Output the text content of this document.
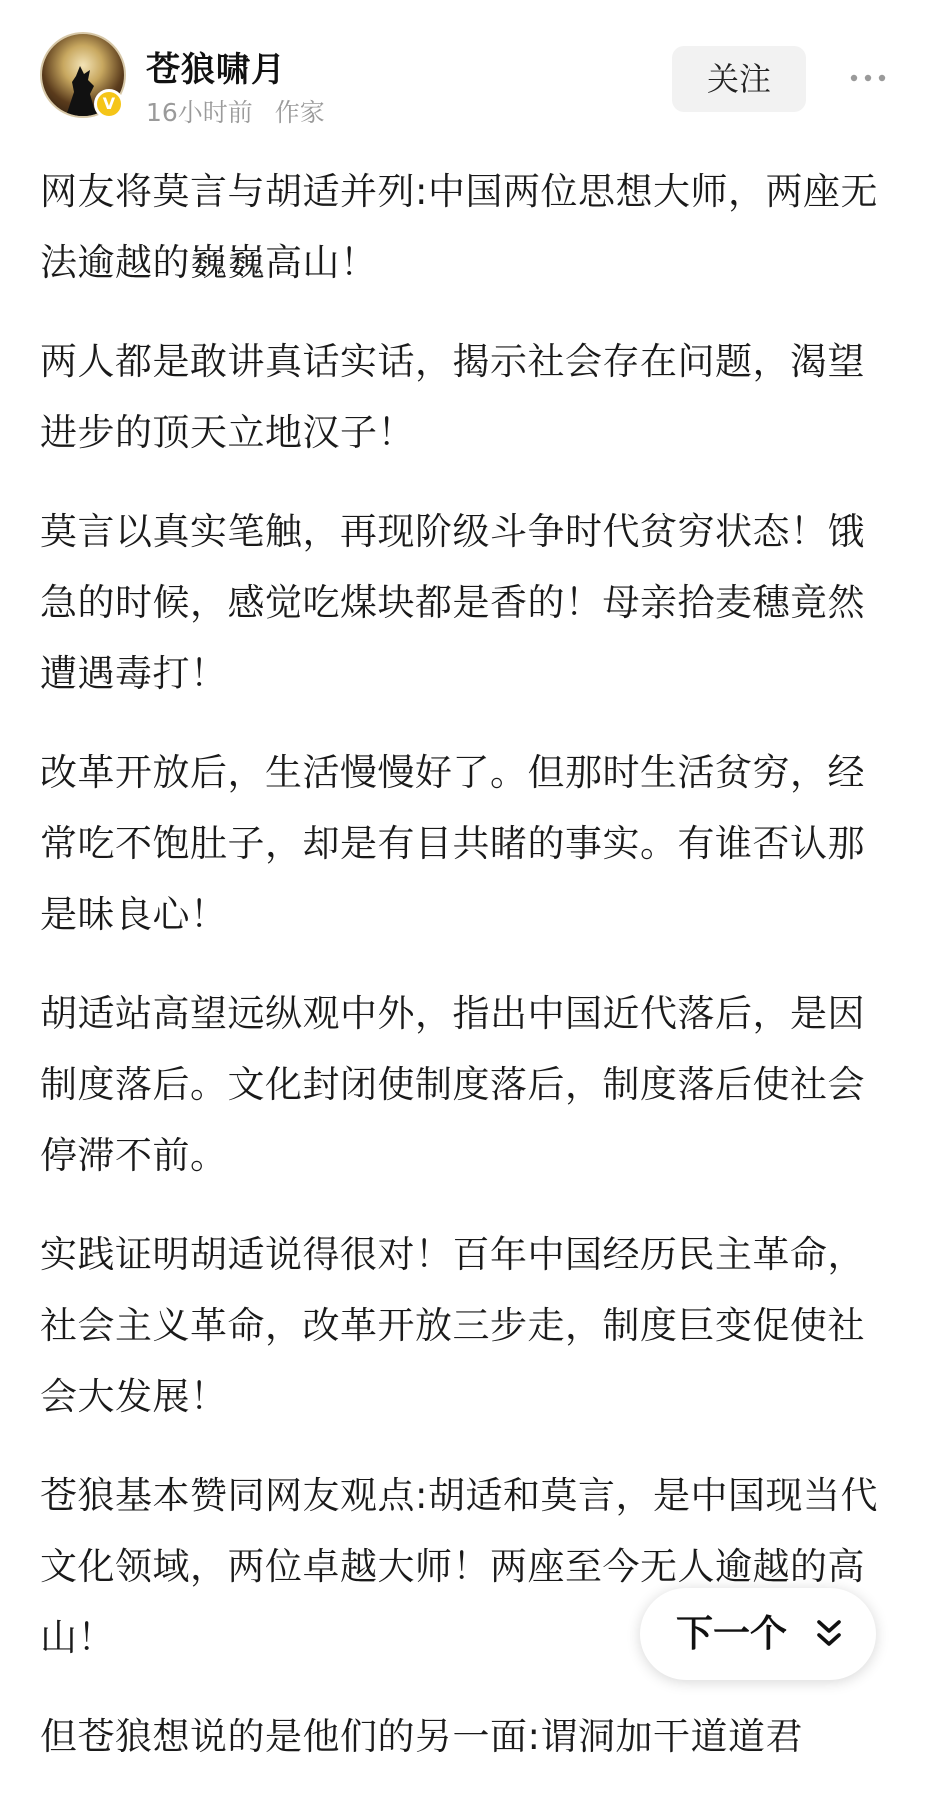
V
苍狼啸月
16小时前 作家
关注

网友将莫言与胡适并列:中国两位思想大师，两座无法逾越的巍巍高山！

两人都是敢讲真话实话，揭示社会存在问题，渴望进步的顶天立地汉子！

莫言以真实笔触，再现阶级斗争时代贫穷状态！饿急的时候，感觉吃煤块都是香的！母亲拾麦穗竟然遭遇毒打！

改革开放后，生活慢慢好了。但那时生活贫穷，经常吃不饱肚子，却是有目共睹的事实。有谁否认那是昧良心！

胡适站高望远纵观中外，指出中国近代落后，是因制度落后。文化封闭使制度落后，制度落后使社会停滞不前。

实践证明胡适说得很对！百年中国经历民主革命，社会主义革命，改革开放三步走，制度巨变促使社会大发展！

苍狼基本赞同网友观点:胡适和莫言，是中国现当代文化领域，两位卓越大师！两座至今无人逾越的高山！

但苍狼想说的是他们的另一面:谓洞加干道道君

下一个
